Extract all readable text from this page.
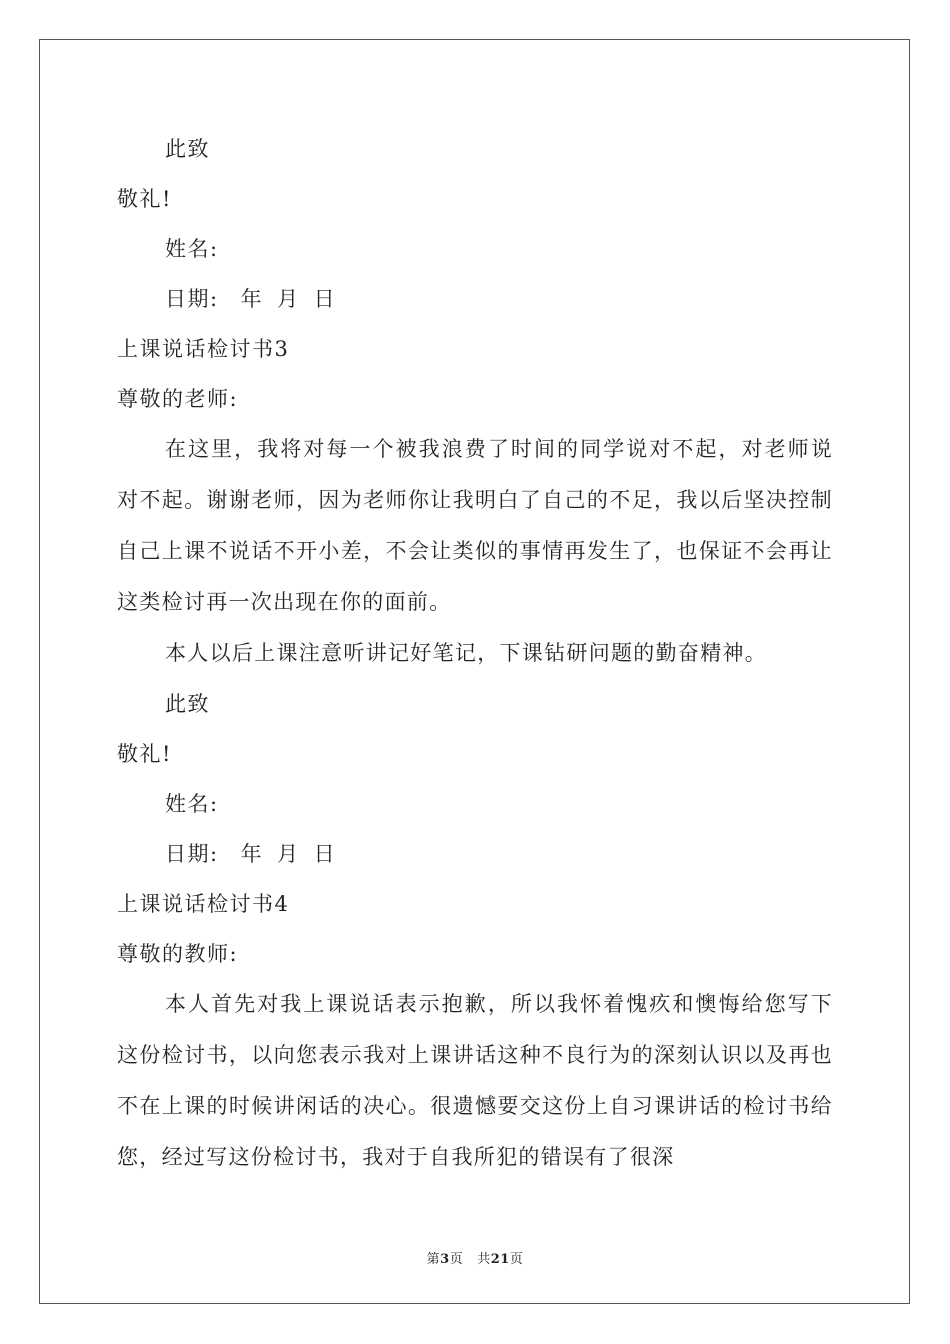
此致
敬礼!
姓名:
日期: 年 月 日
上课说话检讨书3
尊敬的老师:

在这里，我将对每一个被我浪费了时间的同学说对不起，对老师说对不起。谢谢老师，因为老师你让我明白了自己的不足，我以后坚决控制自己上课不说话不开小差，不会让类似的事情再发生了，也保证不会再让这类检讨再一次出现在你的面前。

本人以后上课注意听讲记好笔记，下课钻研问题的勤奋精神。

此致
敬礼!
姓名:
日期: 年 月 日
上课说话检讨书4
尊敬的教师:

本人首先对我上课说话表示抱歉，所以我怀着愧疚和懊悔给您写下这份检讨书，以向您表示我对上课讲话这种不良行为的深刻认识以及再也不在上课的时候讲闲话的决心。很遗憾要交这份上自习课讲话的检讨书给您，经过写这份检讨书，我对于自我所犯的错误有了很深

第3页 共21页
